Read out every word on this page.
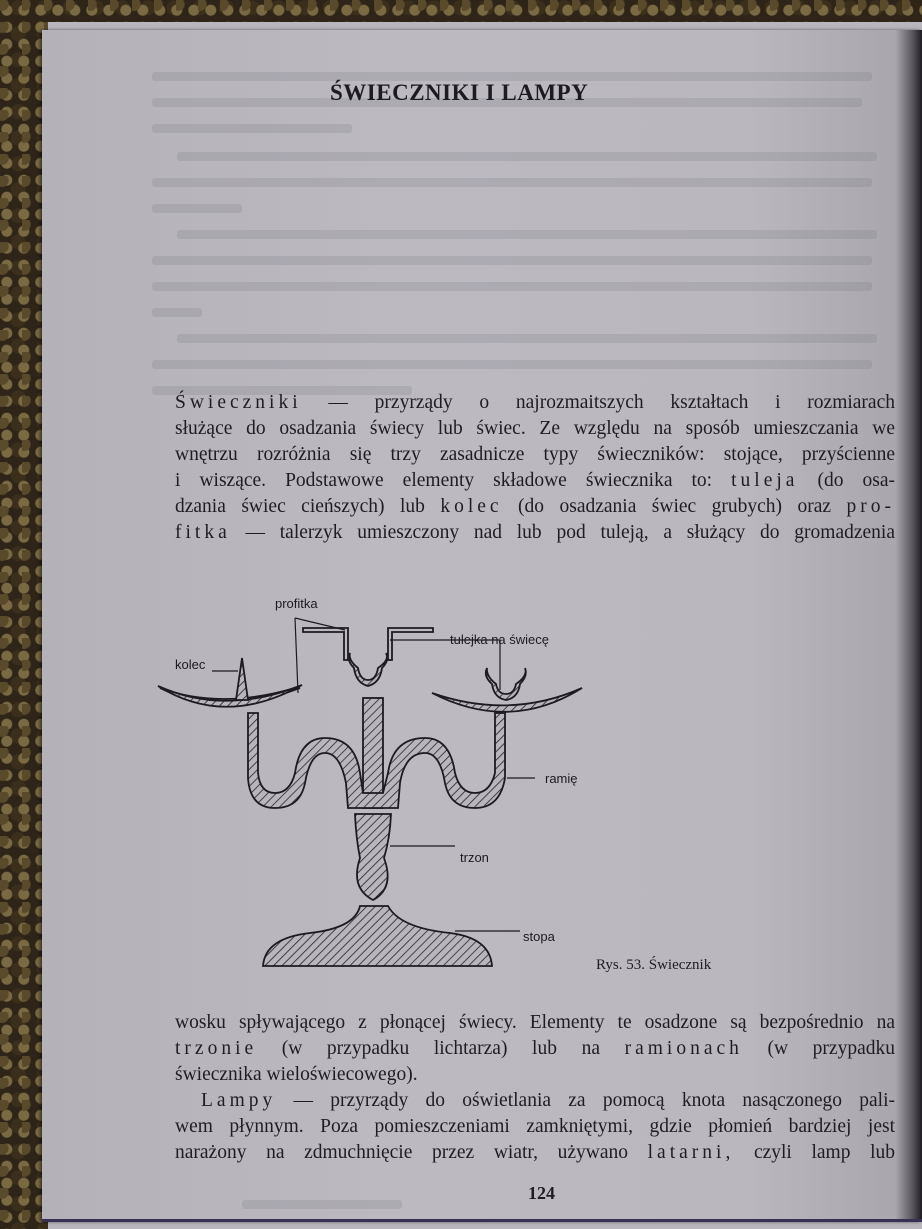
ŚWIECZNIKI I LAMPY
Świeczniki — przyrządy o najrozmaitszych kształtach i rozmiarach
służące do osadzania świecy lub świec. Ze względu na sposób umieszczania we
wnętrzu rozróżnia się trzy zasadnicze typy świeczników: stojące, przyścienne
i wiszące. Podstawowe elementy składowe świecznika to: tuleja (do osa-
dzania świec cieńszych) lub kolec (do osadzania świec grubych) oraz pro-
fitka — talerzyk umieszczony nad lub pod tuleją, a służący do gromadzenia
profitka
kolec
tulejka na świecę
ramię
trzon
stopa
Rys. 53. Świecznik
wosku spływającego z płonącej świecy. Elementy te osadzone są bezpośrednio na
trzonie (w przypadku lichtarza) lub na ramionach (w przypadku
świecznika wieloświecowego).
Lampy — przyrządy do oświetlania za pomocą knota nasączonego pali-
wem płynnym. Poza pomieszczeniami zamkniętymi, gdzie płomień bardziej jest
narażony na zdmuchnięcie przez wiatr, używano latarni, czyli lamp lub
124
